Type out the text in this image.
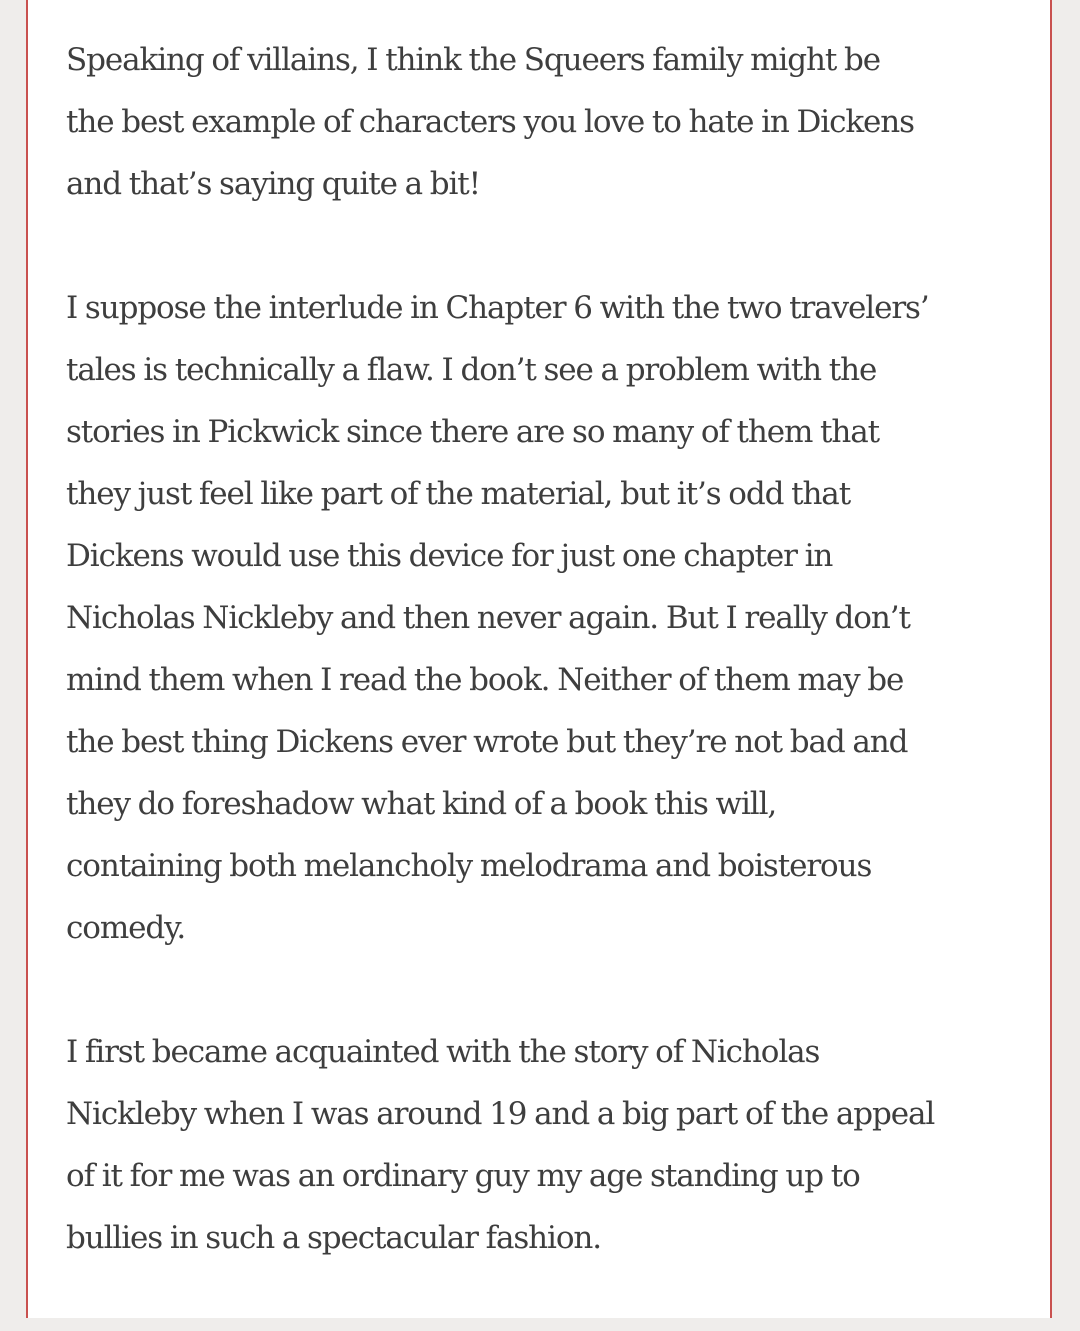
Speaking of villains, I think the Squeers family might be
the best example of characters you love to hate in Dickens
and that’s saying quite a bit!

I suppose the interlude in Chapter 6 with the two travelers’
tales is technically a flaw. I don’t see a problem with the
stories in Pickwick since there are so many of them that
they just feel like part of the material, but it’s odd that
Dickens would use this device for just one chapter in
Nicholas Nickleby and then never again. But I really don’t
mind them when I read the book. Neither of them may be
the best thing Dickens ever wrote but they’re not bad and
they do foreshadow what kind of a book this will,
containing both melancholy melodrama and boisterous
comedy.

I first became acquainted with the story of Nicholas
Nickleby when I was around 19 and a big part of the appeal
of it for me was an ordinary guy my age standing up to
bullies in such a spectacular fashion.
